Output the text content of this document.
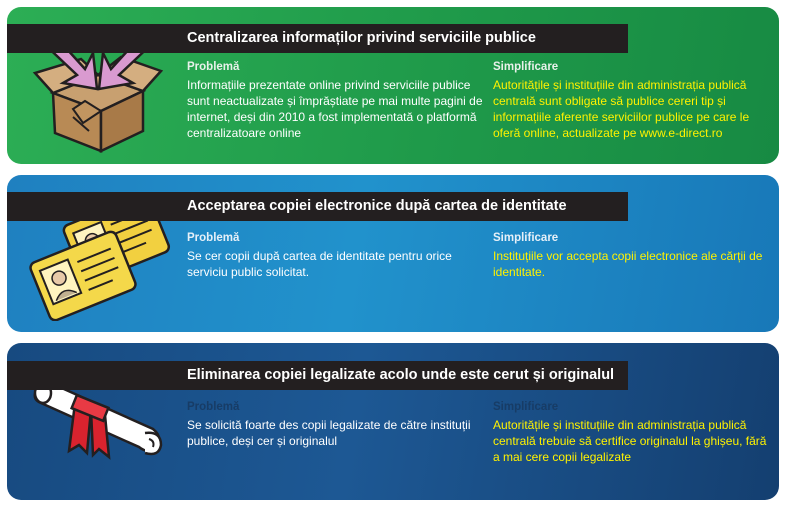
Centralizarea informaților privind serviciile publice
Problemă
Informațiile prezentate online privind serviciile publice sunt neactualizate și împrăștiate pe mai multe pagini de internet, deși din 2010 a fost implementată o platformă centralizatoare online
Simplificare
Autoritățile și instituțiile din administrația publică centrală sunt obligate să publice cereri tip și informațiile aferente serviciilor publice pe care le oferă online, actualizate pe www.e-direct.ro
Acceptarea copiei electronice după cartea de identitate
Problemă
Se cer copii după cartea de identitate pentru orice serviciu public solicitat.
Simplificare
Instituțiile vor accepta copii electronice ale cărții de identitate.
Eliminarea copiei legalizate acolo unde este cerut și originalul
Problemă
Se solicită foarte des copii legalizate de către instituții publice, deși cer și originalul
Simplificare
Autoritățile și instituțiile din administrația publică centrală trebuie să certifice originalul la ghișeu, fără a mai cere copii legalizate
